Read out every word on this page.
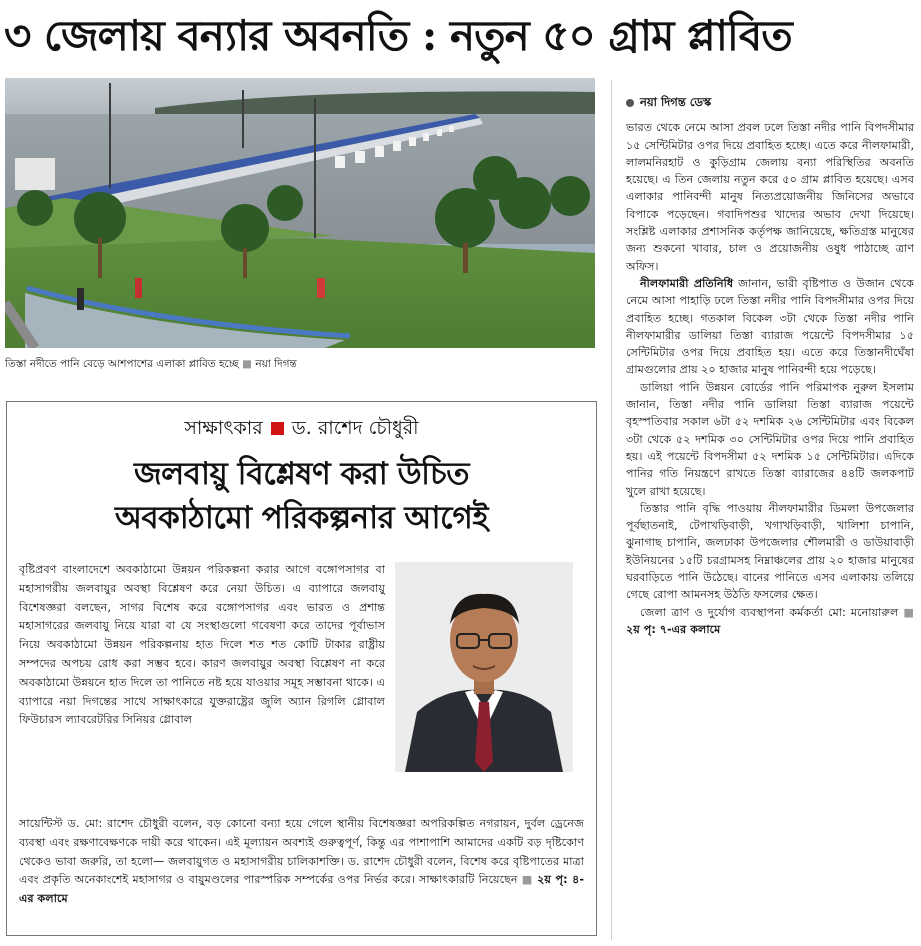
৩ জেলায় বন্যার অবনতি : নতুন ৫০ গ্রাম প্লাবিত
তিস্তা নদীতে পানি বেড়ে আশপাশের এলাকা প্লাবিত হচ্ছে ■ নয়া দিগন্ত
নয়া দিগন্ত ডেস্ক

ভারত থেকে নেমে আসা প্রবল ঢলে তিস্তা নদীর পানি বিপদসীমার ১৫ সেন্টিমিটার ওপর দিয়ে প্রবাহিত হচ্ছে। এতে করে নীলফামারী, লালমনিরহাট ও কুড়িগ্রাম জেলায় বন্যা পরিস্থিতির অবনতি হয়েছে। এ তিন জেলায় নতুন করে ৫০ গ্রাম প্লাবিত হয়েছে। এসব এলাকার পানিবন্দী মানুষ নিত্যপ্রয়োজনীয় জিনিসের অভাবে বিপাকে পড়েছেন। গবাদিপশুর খাদ্যের অভাব দেখা দিয়েছে। সংশ্লিষ্ট এলাকার প্রশাসনিক কর্তৃপক্ষ জানিয়েছে, ক্ষতিগ্রস্ত মানুষের জন্য শুকনো খাবার, চাল ও প্রয়োজনীয় ওষুধ পাঠাচ্ছে ত্রাণ অফিস।

নীলফামারী প্রতিনিধি জানান, ভারী বৃষ্টিপাত ও উজান থেকে নেমে আসা পাহাড়ি ঢলে তিস্তা নদীর পানি বিপদসীমার ওপর দিয়ে প্রবাহিত হচ্ছে। গতকাল বিকেল ৩টা থেকে তিস্তা নদীর পানি নীলফামারীর ডালিয়া তিস্তা ব্যারাজ পয়েন্টে বিপদসীমার ১৫ সেন্টিমিটার ওপর দিয়ে প্রবাহিত হয়। এতে করে তিস্তানদীঘেঁষা গ্রামগুলোর প্রায় ২০ হাজার মানুষ পানিবন্দী হয়ে পড়েছে।

ডালিয়া পানি উন্নয়ন বোর্ডের পানি পরিমাপক নুরুল ইসলাম জানান, তিস্তা নদীর পানি ডালিয়া তিস্তা ব্যারাজ পয়েন্টে বৃহস্পতিবার সকাল ৬টা ৫২ দশমিক ২৬ সেন্টিমিটার এবং বিকেল ৩টা থেকে ৫২ দশমিক ৩০ সেন্টিমিটার ওপর দিয়ে পানি প্রবাহিত হয়। এই পয়েন্টে বিপদসীমা ৫২ দশমিক ১৫ সেন্টিমিটার। এদিকে পানির গতি নিয়ন্ত্রণে রাখতে তিস্তা ব্যারাজের ৪৪টি জলকপাট খুলে রাখা হয়েছে।

তিস্তার পানি বৃদ্ধি পাওয়ায় নীলফামারীর ডিমলা উপজেলার পূর্বছাতনাই, টেপাখড়িবাড়ী, খগাখড়িবাড়ী, খালিশা চাপানি, ঝুনাগাছ চাপানি, জলঢাকা উপজেলার শৌলমারী ও ডাউয়াবাড়ী ইউনিয়নের ১৫টি চরগ্রামসহ নিম্নাঞ্চলের প্রায় ২০ হাজার মানুষের ঘরবাড়িতে পানি উঠেছে। বানের পানিতে এসব এলাকায় তলিয়ে গেছে রোপা আমনসহ উঠতি ফসলের ক্ষেত।

জেলা ত্রাণ ও দুর্যোগ ব্যবস্থাপনা কর্মকর্তা মো: মনোয়ারুল ■ ২য় পৃ: ৭-এর কলামে

সাক্ষাৎকার ড. রাশেদ চৌধুরী
জলবায়ু বিশ্লেষণ করা উচিত
অবকাঠামো পরিকল্পনার আগেই
বৃষ্টিপ্রবণ বাংলাদেশে অবকাঠামো উন্নয়ন পরিকল্পনা করার আগে বঙ্গোপসাগর বা মহাসাগরীয় জলবায়ুর অবস্থা বিশ্লেষণ করে নেয়া উচিত। এ ব্যাপারে জলবায়ু বিশেষজ্ঞরা বলছেন, সাগর বিশেষ করে বঙ্গোপসাগর এবং ভারত ও প্রশান্ত মহাসাগরের জলবায়ু নিয়ে যারা বা যে সংস্থাগুলো গবেষণা করে তাদের পূর্বাভাস নিয়ে অবকাঠামো উন্নয়ন পরিকল্পনায় হাত দিলে শত শত কোটি টাকার রাষ্ট্রীয় সম্পদের অপচয় রোধ করা সম্ভব হবে। কারণ জলবায়ুর অবস্থা বিশ্লেষণ না করে অবকাঠামো উন্নয়নে হাত দিলে তা পানিতে নষ্ট হয়ে যাওয়ার সমূহ সম্ভাবনা থাকে। এ ব্যাপারে নয়া দিগন্তের সাথে সাক্ষাৎকারে যুক্তরাষ্ট্রের জুলি অ্যান রিগলি গ্লোবাল ফিউচারস ল্যাবরেটরির সিনিয়র গ্লোবাল
সায়েন্টিস্ট ড. মো: রাশেদ চৌধুরী বলেন, বড় কোনো বন্যা হয়ে গেলে স্থানীয় বিশেষজ্ঞরা অপরিকল্পিত নগরায়ন, দুর্বল ড্রেনেজ ব্যবস্থা এবং রক্ষণাবেক্ষণকে দায়ী করে থাকেন। এই মূল্যায়ন অবশ্যই গুরুত্বপূর্ণ, কিন্তু এর পাশাপাশি আমাদের একটি বড় দৃষ্টিকোণ থেকেও ভাবা জরুরি, তা হলো— জলবায়ুগত ও মহাসাগরীয় চালিকাশক্তি। ড. রাশেদ চৌধুরী বলেন, বিশেষ করে বৃষ্টিপাতের মাত্রা এবং প্রকৃতি অনেকাংশেই মহাসাগর ও বায়ুমণ্ডলের পারস্পরিক সম্পর্কের ওপর নির্ভর করে। সাক্ষাৎকারটি নিয়েছেন ■ ২য় পৃ: ৪-এর কলামে
